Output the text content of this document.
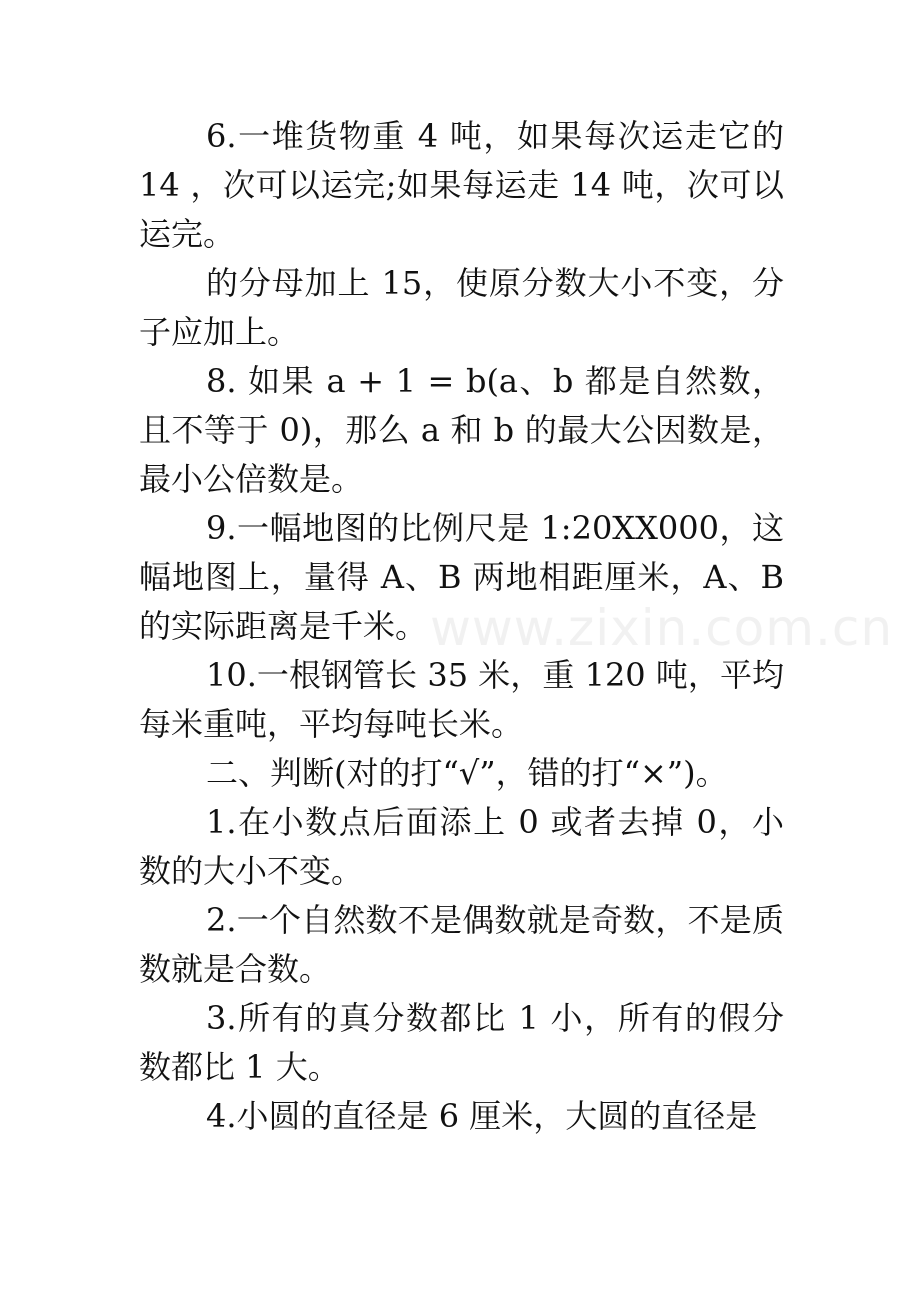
www.zixin.com.cn

6.一堆货物重 4 吨，如果每次运走它的 14 ，次可以运完;如果每运走 14 吨，次可以运完。

的分母加上 15，使原分数大小不变，分子应加上。

8. 如果 a + 1 = b(a、b 都是自然数，且不等于 0)，那么 a 和 b 的最大公因数是，最小公倍数是。

9.一幅地图的比例尺是 1:20XX000，这幅地图上，量得 A、B 两地相距厘米，A、B 的实际距离是千米。

10.一根钢管长 35 米，重 120 吨，平均每米重吨，平均每吨长米。

二、判断(对的打“√”，错的打“×”)。

1.在小数点后面添上 0 或者去掉 0，小数的大小不变。

2.一个自然数不是偶数就是奇数，不是质数就是合数。

3.所有的真分数都比 1 小，所有的假分数都比 1 大。

4.小圆的直径是 6 厘米，大圆的直径是
